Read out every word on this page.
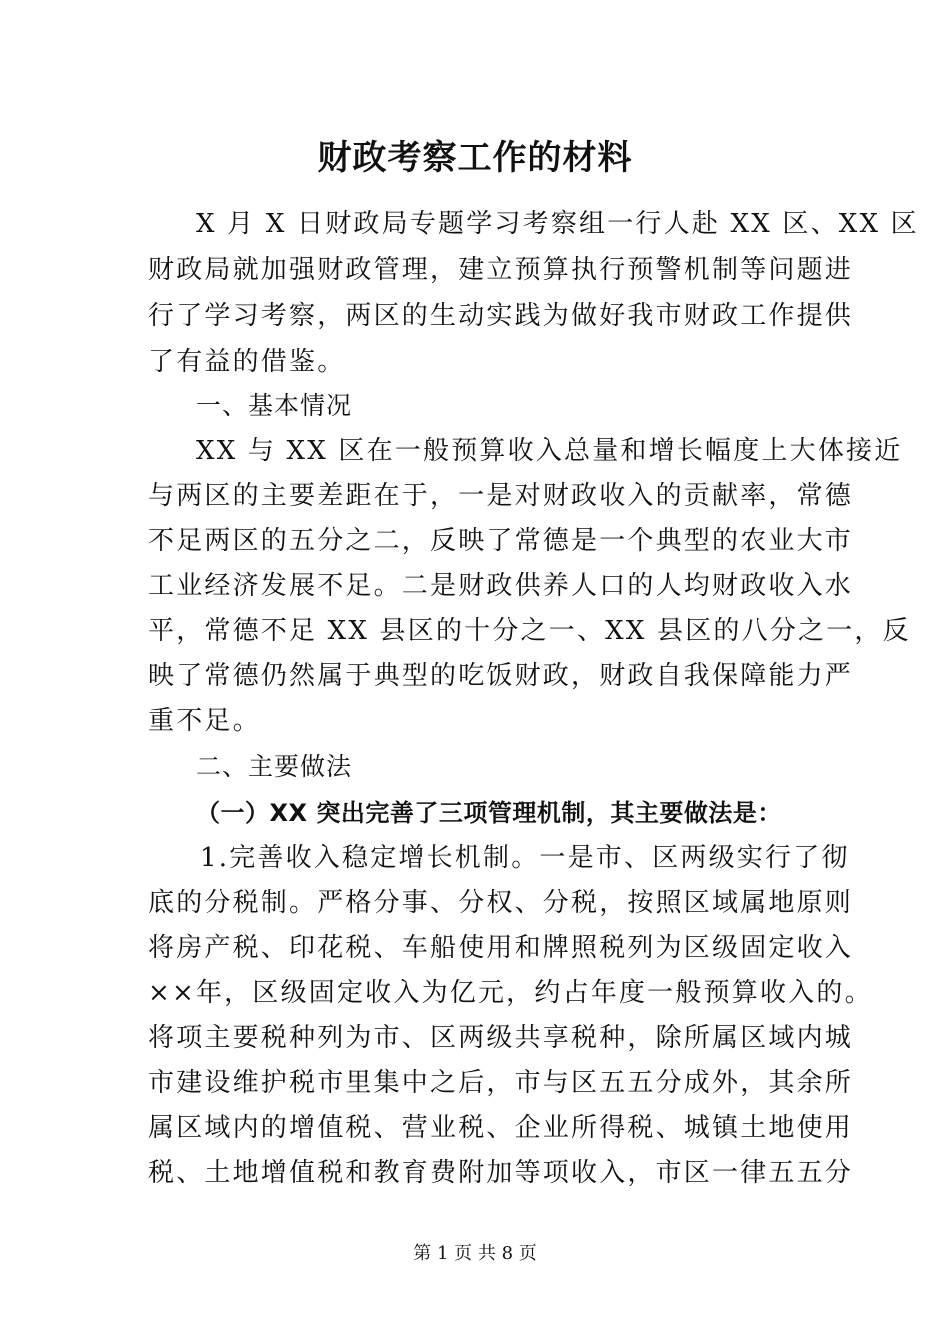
财政考察工作的材料
X 月 X 日财政局专题学习考察组一行人赴 XX 区、XX 区
财政局就加强财政管理，建立预算执行预警机制等问题进
行了学习考察，两区的生动实践为做好我市财政工作提供
了有益的借鉴。
一、基本情况
XX 与 XX 区在一般预算收入总量和增长幅度上大体接近
与两区的主要差距在于，一是对财政收入的贡献率，常德
不足两区的五分之二，反映了常德是一个典型的农业大市
工业经济发展不足。二是财政供养人口的人均财政收入水
平，常德不足 XX 县区的十分之一、XX 县区的八分之一，反
映了常德仍然属于典型的吃饭财政，财政自我保障能力严
重不足。
二、主要做法
（一）XX 突出完善了三项管理机制，其主要做法是：
1.完善收入稳定增长机制。一是市、区两级实行了彻
底的分税制。严格分事、分权、分税，按照区域属地原则
将房产税、印花税、车船使用和牌照税列为区级固定收入
××年，区级固定收入为亿元，约占年度一般预算收入的。
将项主要税种列为市、区两级共享税种，除所属区域内城
市建设维护税市里集中之后，市与区五五分成外，其余所
属区域内的增值税、营业税、企业所得税、城镇土地使用
税、土地增值税和教育费附加等项收入，市区一律五五分
第 1 页 共 8 页
